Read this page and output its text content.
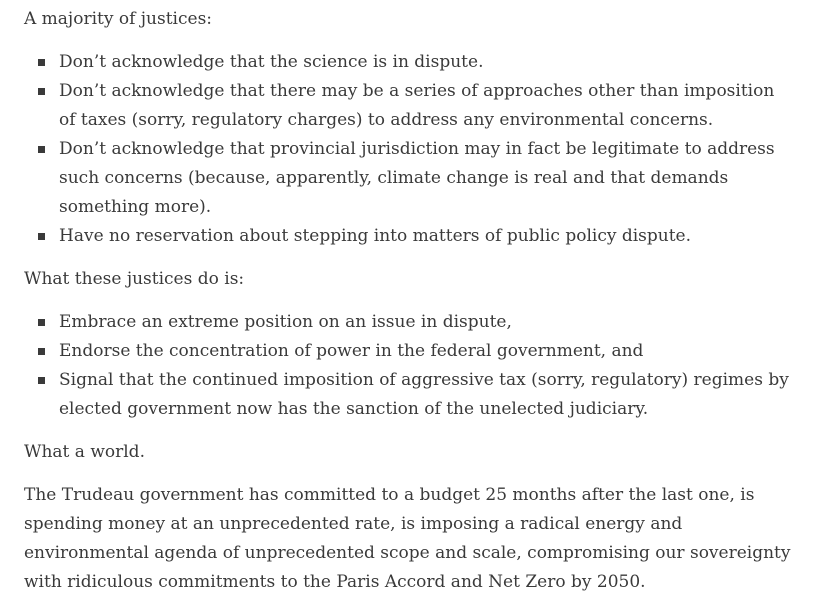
A majority of justices:

Don’t acknowledge that the science is in dispute.
Don’t acknowledge that there may be a series of approaches other than imposition of taxes (sorry, regulatory charges) to address any environmental concerns.
Don’t acknowledge that provincial jurisdiction may in fact be legitimate to address such concerns (because, apparently, climate change is real and that demands something more).
Have no reservation about stepping into matters of public policy dispute.

What these justices do is:

Embrace an extreme position on an issue in dispute,
Endorse the concentration of power in the federal government, and
Signal that the continued imposition of aggressive tax (sorry, regulatory) regimes by elected government now has the sanction of the unelected judiciary.

What a world.

The Trudeau government has committed to a budget 25 months after the last one, is spending money at an unprecedented rate, is imposing a radical energy and environmental agenda of unprecedented scope and scale, compromising our sovereignty with ridiculous commitments to the Paris Accord and Net Zero by 2050.
